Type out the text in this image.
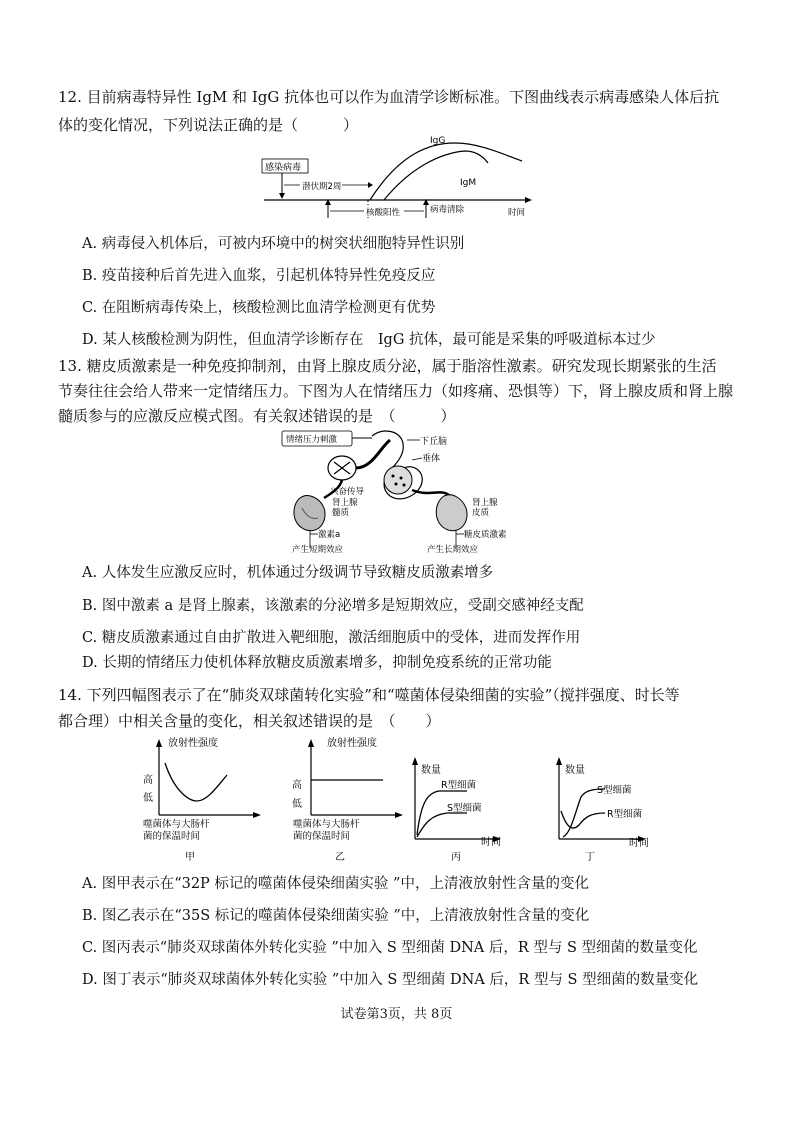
12. 目前病毒特异性 IgM 和 IgG 抗体也可以作为血清学诊断标准。下图曲线表示病毒感染人体后抗
体的变化情况，下列说法正确的是（　　　）
感染病毒
潜伏期2周
IgG
IgM
核酸阳性	病毒清除	时间
A. 病毒侵入机体后，可被内环境中的树突状细胞特异性识别
B. 疫苗接种后首先进入血浆，引起机体特异性免疫反应
C. 在阻断病毒传染上，核酸检测比血清学检测更有优势
D. 某人核酸检测为阴性，但血清学诊断存在　IgG 抗体，最可能是采集的呼吸道标本过少
13. 糖皮质激素是一种免疫抑制剂，由肾上腺皮质分泌，属于脂溶性激素。研究发现长期紧张的生活
节奏往往会给人带来一定情绪压力。下图为人在情绪压力（如疼痛、恐惧等）下，肾上腺皮质和肾上腺
髓质参与的应激反应模式图。有关叙述错误的是　（　　　）
情绪压力刺激	下丘脑
垂体
兴奋传导
肾上腺
髓质
肾上腺
皮质
激素a	糖皮质激素
产生短期效应	产生长期效应
A. 人体发生应激反应时，机体通过分级调节导致糖皮质激素增多
B. 图中激素 a 是肾上腺素，该激素的分泌增多是短期效应，受副交感神经支配
C. 糖皮质激素通过自由扩散进入靶细胞，激活细胞质中的受体，进而发挥作用
D. 长期的情绪压力使机体释放糖皮质激素增多，抑制免疫系统的正常功能
14. 下列四幅图表示了在“肺炎双球菌转化实验”和“噬菌体侵染细菌的实验”（搅拌强度、时长等
都合理）中相关含量的变化，相关叙述错误的是　（　　）
放射性强度
高
低
噬菌体与大肠杆
菌的保温时间
甲
放射性强度
高
低
噬菌体与大肠杆
菌的保温时间
乙
数量
R型细菌
S型细菌
时间
丙
数量
S型细菌
R型细菌
时间
丁
A. 图甲表示在“32P 标记的噬菌体侵染细菌实验 ”中，上清液放射性含量的变化
B. 图乙表示在“35S 标记的噬菌体侵染细菌实验 ”中，上清液放射性含量的变化
C. 图丙表示“肺炎双球菌体外转化实验 ”中加入 S 型细菌 DNA 后，R 型与 S 型细菌的数量变化
D. 图丁表示“肺炎双球菌体外转化实验 ”中加入 S 型细菌 DNA 后，R 型与 S 型细菌的数量变化
试卷第3页，共 8页
